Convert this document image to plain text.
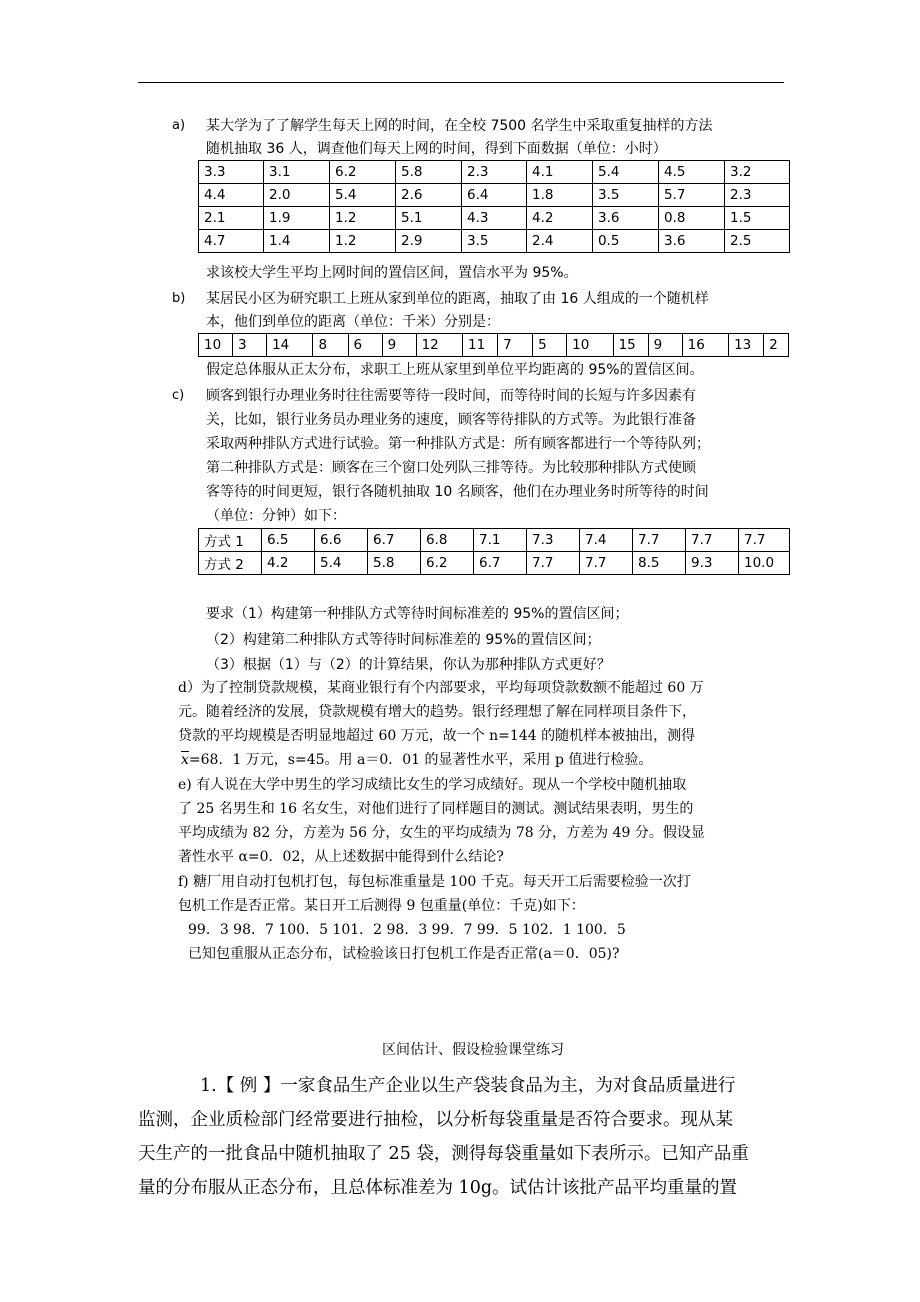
a) 某大学为了了解学生每天上网的时间，在全校 7500 名学生中采取重复抽样的方法
随机抽取 36 人，调查他们每天上网的时间，得到下面数据（单位：小时）
3.3	3.1	6.2	5.8	2.3	4.1	5.4	4.5	3.2
4.4	2.0	5.4	2.6	6.4	1.8	3.5	5.7	2.3
2.1	1.9	1.2	5.1	4.3	4.2	3.6	0.8	1.5
4.7	1.4	1.2	2.9	3.5	2.4	0.5	3.6	2.5
求该校大学生平均上网时间的置信区间，置信水平为 95%。
b) 某居民小区为研究职工上班从家到单位的距离，抽取了由 16 人组成的一个随机样
本，他们到单位的距离（单位：千米）分别是：
10	3	14	8	6	9	12	11	7	5	10	15	9	16	13	2
假定总体服从正太分布，求职工上班从家里到单位平均距离的 95%的置信区间。
c) 顾客到银行办理业务时往往需要等待一段时间，而等待时间的长短与许多因素有
关，比如，银行业务员办理业务的速度，顾客等待排队的方式等。为此银行准备
采取两种排队方式进行试验。第一种排队方式是：所有顾客都进行一个等待队列；
第二种排队方式是：顾客在三个窗口处列队三排等待。为比较那种排队方式使顾
客等待的时间更短，银行各随机抽取 10 名顾客，他们在办理业务时所等待的时间
（单位：分钟）如下：
方式 1	6.5	6.6	6.7	6.8	7.1	7.3	7.4	7.7	7.7	7.7
方式 2	4.2	5.4	5.8	6.2	6.7	7.7	7.7	8.5	9.3	10.0
要求（1）构建第一种排队方式等待时间标准差的 95%的置信区间；
（2）构建第二种排队方式等待时间标准差的 95%的置信区间；
（3）根据（1）与（2）的计算结果，你认为那种排队方式更好？
d）为了控制贷款规模，某商业银行有个内部要求，平均每项贷款数额不能超过 60 万
元。随着经济的发展，贷款规模有增大的趋势。银行经理想了解在同样项目条件下，
贷款的平均规模是否明显地超过 60 万元，故一个 n=144 的随机样本被抽出，测得
$\overline{x}=68$．1 万元，s=45。用 a＝0．01 的显著性水平，采用 p 值进行检验。
e) 有人说在大学中男生的学习成绩比女生的学习成绩好。现从一个学校中随机抽取
了 25 名男生和 16 名女生，对他们进行了同样题目的测试。测试结果表明，男生的
平均成绩为 82 分，方差为 56 分，女生的平均成绩为 78 分，方差为 49 分。假设显
著性水平 α=0．02，从上述数据中能得到什么结论?
f) 糖厂用自动打包机打包，每包标准重量是 100 千克。每天开工后需要检验一次打
包机工作是否正常。某日开工后测得 9 包重量(单位：千克)如下：
99．3 98．7 100．5 101．2 98．3 99．7 99．5 102．1 100．5
已知包重服从正态分布，试检验该日打包机工作是否正常(a＝0．05)?
区间估计、假设检验课堂练习
1.【 例 】一家食品生产企业以生产袋装食品为主，为对食品质量进行
监测，企业质检部门经常要进行抽检，以分析每袋重量是否符合要求。现从某
天生产的一批食品中随机抽取了 25 袋，测得每袋重量如下表所示。已知产品重
量的分布服从正态分布，且总体标准差为 10g。试估计该批产品平均重量的置
